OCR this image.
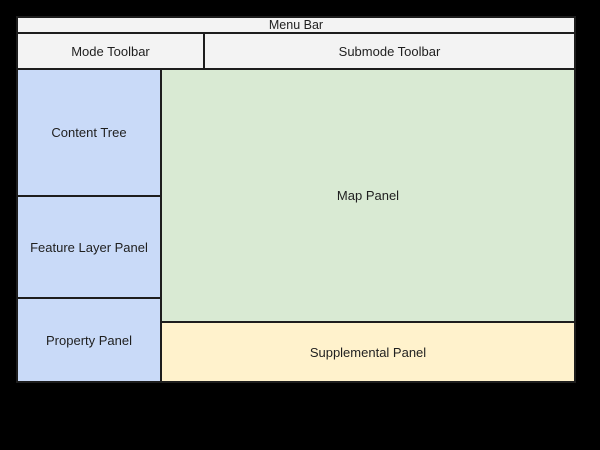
Menu Bar
Mode Toolbar	Submode Toolbar
Content Tree
Feature Layer Panel
Property Panel
Map Panel
Supplemental Panel
